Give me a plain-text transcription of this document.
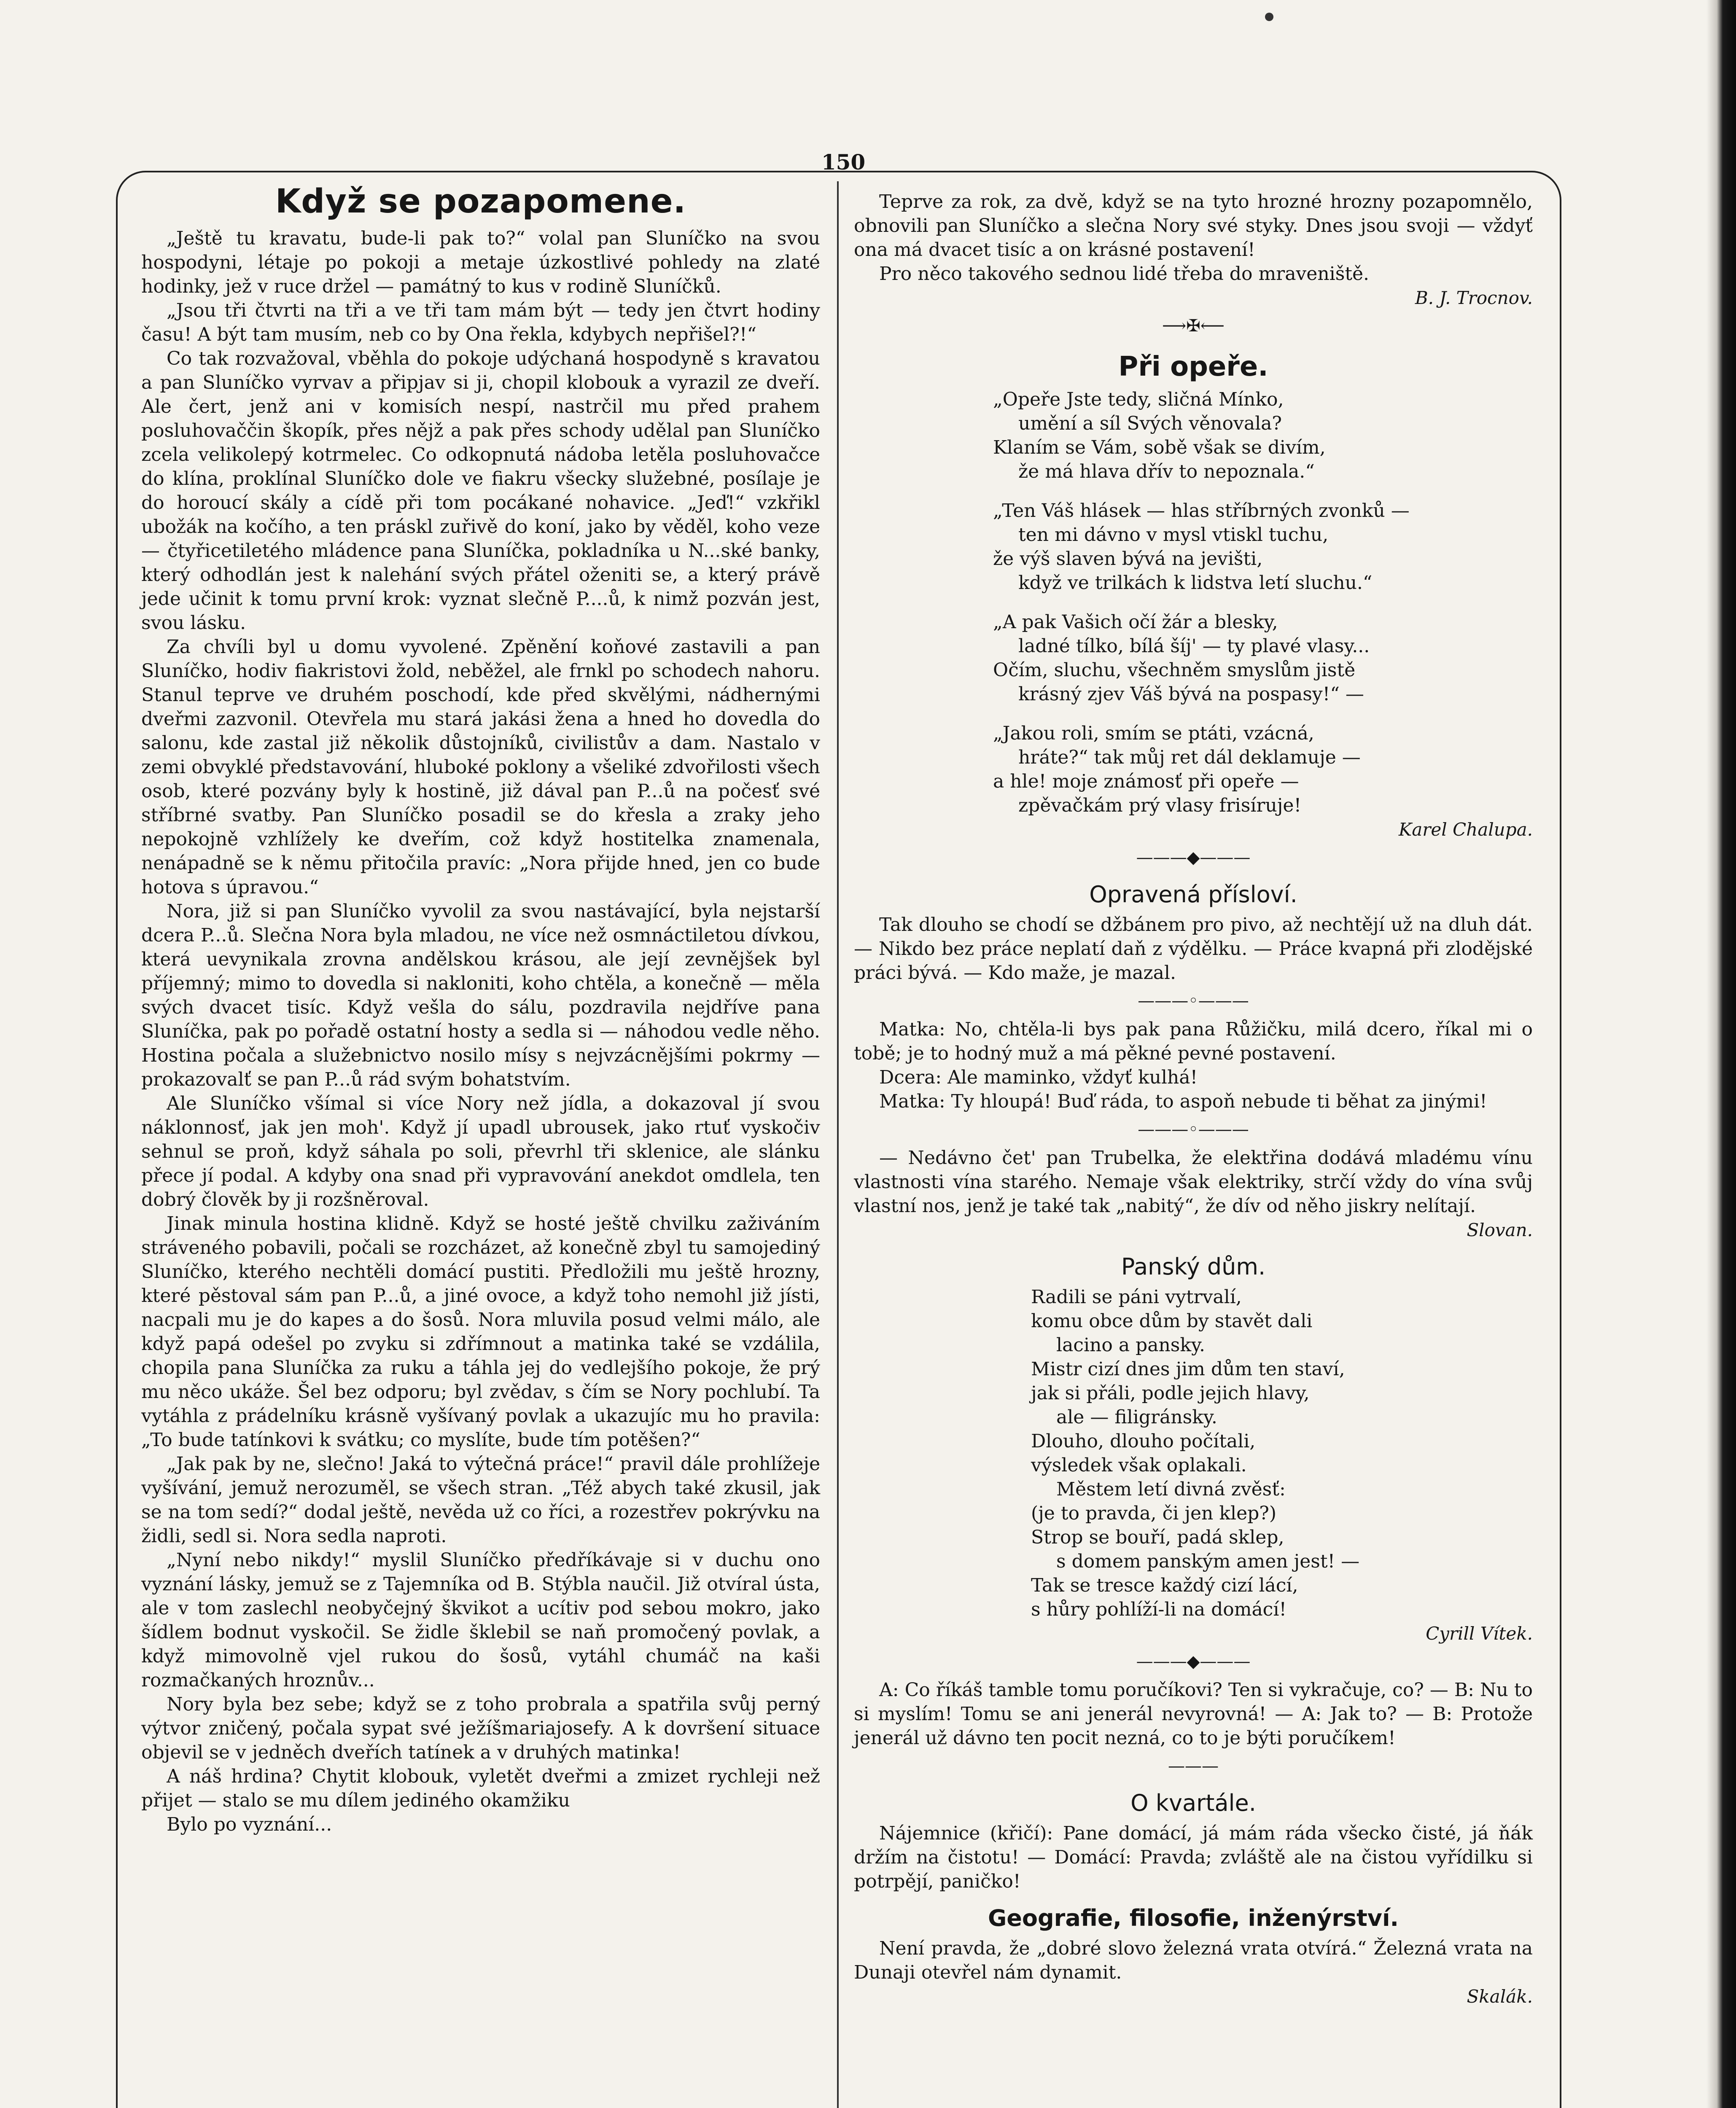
150
Když se pozapomene.

„Ještě tu kravatu, bude-li pak to?“ volal pan Sluníčko na svou hospodyni, létaje po pokoji a metaje úzkostlivé pohledy na zlaté hodinky, jež v ruce držel — památný to kus v rodině Sluníčků.

„Jsou tři čtvrti na tři a ve tři tam mám být — tedy jen čtvrt hodiny času! A být tam musím, neb co by Ona řekla, kdybych nepřišel?!“

Co tak rozvažoval, vběhla do pokoje udýchaná hospodyně s kravatou a pan Sluníčko vyrvav a připjav si ji, chopil klobouk a vyrazil ze dveří. Ale čert, jenž ani v komisích nespí, nastrčil mu před prahem posluhovaččin škopík, přes nějž a pak přes schody udělal pan Sluníčko zcela velikolepý kotrmelec. Co odkopnutá nádoba letěla posluhovačce do klína, proklínal Sluníčko dole ve fiakru všecky služebné, posílaje je do horoucí skály a cídě při tom pocákané nohavice. „Jeď!“ vzkřikl ubožák na kočího, a ten práskl zuřivě do koní, jako by věděl, koho veze — čtyřicetiletého mládence pana Sluníčka, pokladníka u N...ské banky, který odhodlán jest k nalehání svých přátel oženiti se, a který právě jede učinit k tomu první krok: vyznat slečně P....ů, k nimž pozván jest, svou lásku.

Za chvíli byl u domu vyvolené. Zpěnění koňové zastavili a pan Sluníčko, hodiv fiakristovi žold, neběžel, ale frnkl po schodech nahoru. Stanul teprve ve druhém poschodí, kde před skvělými, nádhernými dveřmi zazvonil. Otevřela mu stará jakási žena a hned ho dovedla do salonu, kde zastal již několik důstojníků, civilistův a dam. Nastalo v zemi obvyklé představování, hluboké poklony a všeliké zdvořilosti všech osob, které pozvány byly k hostině, již dával pan P...ů na počesť své stříbrné svatby. Pan Sluníčko posadil se do křesla a zraky jeho nepokojně vzhlížely ke dveřím, což když hostitelka znamenala, nenápadně se k němu přitočila pravíc: „Nora přijde hned, jen co bude hotova s úpravou.“

Nora, již si pan Sluníčko vyvolil za svou nastávající, byla nejstarší dcera P...ů. Slečna Nora byla mladou, ne více než osmnáctiletou dívkou, která uevynikala zrovna andělskou krásou, ale její zevnějšek byl příjemný; mimo to dovedla si nakloniti, koho chtěla, a konečně — měla svých dvacet tisíc. Když vešla do sálu, pozdravila nejdříve pana Sluníčka, pak po pořadě ostatní hosty a sedla si — náhodou vedle něho. Hostina počala a služebnictvo nosilo mísy s nejvzácnějšími pokrmy — prokazovalť se pan P...ů rád svým bohatstvím.

Ale Sluníčko všímal si více Nory než jídla, a dokazoval jí svou náklonnosť, jak jen moh'. Když jí upadl ubrousek, jako rtuť vyskočiv sehnul se proň, když sáhala po soli, převrhl tři sklenice, ale slánku přece jí podal. A kdyby ona snad při vypravování anekdot omdlela, ten dobrý člověk by ji rozšněroval.

Jinak minula hostina klidně. Když se hosté ještě chvilku zaživáním stráveného pobavili, počali se rozcházet, až konečně zbyl tu samojediný Sluníčko, kterého nechtěli domácí pustiti. Předložili mu ještě hrozny, které pěstoval sám pan P...ů, a jiné ovoce, a když toho nemohl již jísti, nacpali mu je do kapes a do šosů. Nora mluvila posud velmi málo, ale když papá odešel po zvyku si zdřímnout a matinka také se vzdálila, chopila pana Sluníčka za ruku a táhla jej do vedlejšího pokoje, že prý mu něco ukáže. Šel bez odporu; byl zvědav, s čím se Nory pochlubí. Ta vytáhla z prádelníku krásně vyšívaný povlak a ukazujíc mu ho pravila: „To bude tatínkovi k svátku; co myslíte, bude tím potěšen?“

„Jak pak by ne, slečno! Jaká to výtečná práce!“ pravil dále prohlížeje vyšívání, jemuž nerozuměl, se všech stran. „Též abych také zkusil, jak se na tom sedí?“ dodal ještě, nevěda už co říci, a rozestřev pokrývku na židli, sedl si. Nora sedla naproti.

„Nyní nebo nikdy!“ myslil Sluníčko předříkávaje si v duchu ono vyznání lásky, jemuž se z Tajemníka od B. Stýbla naučil. Již otvíral ústa, ale v tom zaslechl neobyčejný škvikot a ucítiv pod sebou mokro, jako šídlem bodnut vyskočil. Se židle šklebil se naň promočený povlak, a když mimovolně vjel rukou do šosů, vytáhl chumáč na kaši rozmačkaných hroznův...

Nory byla bez sebe; když se z toho probrala a spatřila svůj perný výtvor zničený, počala sypat své ježíšmariajosefy. A k dovršení situace objevil se v jedněch dveřích tatínek a v druhých matinka!

A náš hrdina? Chytit klobouk, vyletět dveřmi a zmizet rychleji než přijet — stalo se mu dílem jediného okamžiku

Bylo po vyznání...

Teprve za rok, za dvě, když se na tyto hrozné hrozny pozapomnělo, obnovili pan Sluníčko a slečna Nory své styky. Dnes jsou svoji — vždyť ona má dvacet tisíc a on krásné postavení!

Pro něco takového sednou lidé třeba do mraveniště.

B. J. Trocnov.
⟶✠⟵
Při opeře.
„Opeře Jste tedy, sličná Mínko,
umění a síl Svých věnovala?
Klaním se Vám, sobě však se divím,
že má hlava dřív to nepoznala.“
„Ten Váš hlásek — hlas stříbrných zvonků —
ten mi dávno v mysl vtiskl tuchu,
že výš slaven bývá na jevišti,
když ve trilkách k lidstva letí sluchu.“
„A pak Vašich očí žár a blesky,
ladné tílko, bílá šíj' — ty plavé vlasy...
Očím, sluchu, všechněm smyslům jistě
krásný zjev Váš bývá na pospasy!“ —
„Jakou roli, smím se ptáti, vzácná,
hráte?“ tak můj ret dál deklamuje —
a hle! mojе známosť při opeře —
zpěvačkám prý vlasy frisíruje!
Karel Chalupa.
———◆———
Opravená přísloví.

Tak dlouho se chodí se džbánem pro pivo, až nechtějí už na dluh dát. — Nikdo bez práce neplatí daň z výdělku. — Práce kvapná při zlodějské práci bývá. — Kdo maže, je mazal.

———◦———

Matka: No, chtěla-li bys pak pana Růžičku, milá dcero, říkal mi o tobě; je to hodný muž a má pěkné pevné postavení.

Dcera: Ale maminko, vždyť kulhá!

Matka: Ty hloupá! Buď ráda, to aspoň nebude ti běhat za jinými!

———◦———

— Nedávno čet' pan Trubelka, že elektřina dodává mladému vínu vlastnosti vína starého. Nemaje však elektriky, strčí vždy do vína svůj vlastní nos, jenž je také tak „nabitý“, že dív od něho jiskry nelítají.

Slovan.
Panský dům.
Radili se páni vytrvalí,
komu obce dům by stavět dali
lacino a pansky.
Mistr cizí dnes jim dům ten staví,
jak si přáli, podle jejich hlavy,
ale — filigránsky.
Dlouho, dlouho počítali,
výsledek však oplakali.
Městem letí divná zvěsť:
(je to pravda, či jen klep?)
Strop se bouří, padá sklep,
s domem panským amen jest! —
Tak se tresce každý cizí lácí,
s hůry pohlíží-li na domácí!
Cyrill Vítek.
———◆———

A: Co říkáš tamble tomu poručíkovi? Ten si vykračuje, co? — B: Nu to si myslím! Tomu se ani jenerál nevyrovná! — A: Jak to? — B: Protože jenerál už dávno ten pocit nezná, co to je býti poručíkem!

———
O kvartále.

Nájemnice (křičí): Pane domácí, já mám ráda všecko čisté, já ňák držím na čistotu! — Domácí: Pravda; zvláště ale na čistou vyřídilku si potrpějí, paničko!

Geografie, filosofie, inženýrství.

Není pravda, že „dobré slovo železná vrata otvírá.“ Železná vrata na Dunaji otevřel nám dynamit.

Skalák.
